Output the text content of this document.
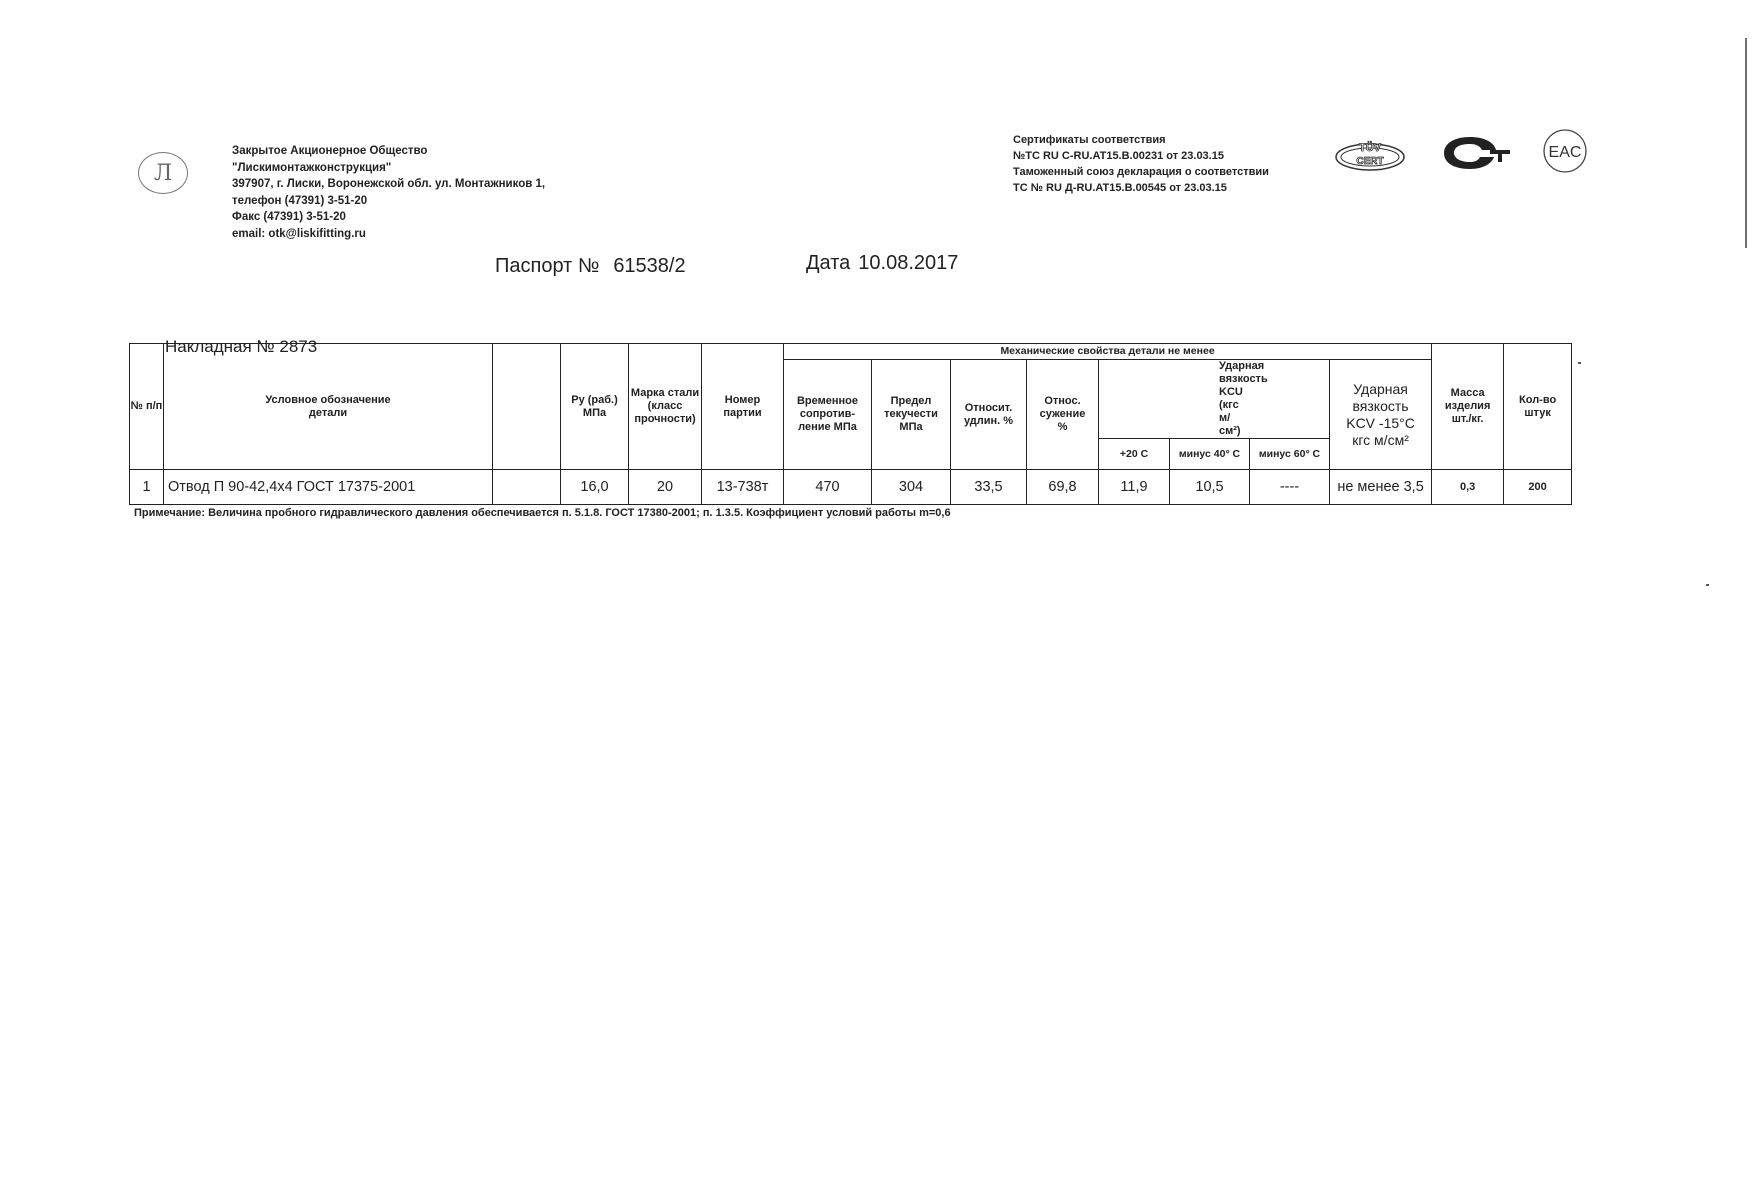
Л
Закрытое Акционерное Общество
"Лискимонтажконструкция"
397907, г. Лиски, Воронежской обл. ул. Монтажников 1,
телефон (47391) 3-51-20
Факс (47391) 3-51-20
email: otk@liskifitting.ru
Сертификаты соответствия
№TC RU C-RU.AT15.B.00231 от 23.03.15
Таможенный союз декларация о соответствии
TC № RU Д-RU.AT15.B.00545 от 23.03.15
TÜV
CERT
PC	EAC
Паспорт № 61538/2	Дата 10.08.2017
Накладная № 2873
№ п/п	Условное обозначение детали		Ру (раб.) МПа	Марка стали (класс прочности)	Номер партии	Механические свойства детали не менее								Масса изделия шт./кг.	Кол-во штук
						Временное сопротив-ление МПа	Предел текучести МПа	Относит. удлин. %	Относ. сужение %	Ударная вязкость KCU (кгс м/см²)			Ударная вязкость KCV -15°C кгс м/см²		
										+20 C	минус 40° C	минус 60° C			
1	Отвод П 90-42,4x4 ГОСТ 17375-2001		16,0	20	13-738т	470	304	33,5	69,8	11,9	10,5	----	не менее 3,5	0,3	200
Примечание: Величина пробного гидравлического давления обеспечивается п. 5.1.8. ГОСТ 17380-2001; п. 1.3.5. Коэффициент условий работы m=0,6
